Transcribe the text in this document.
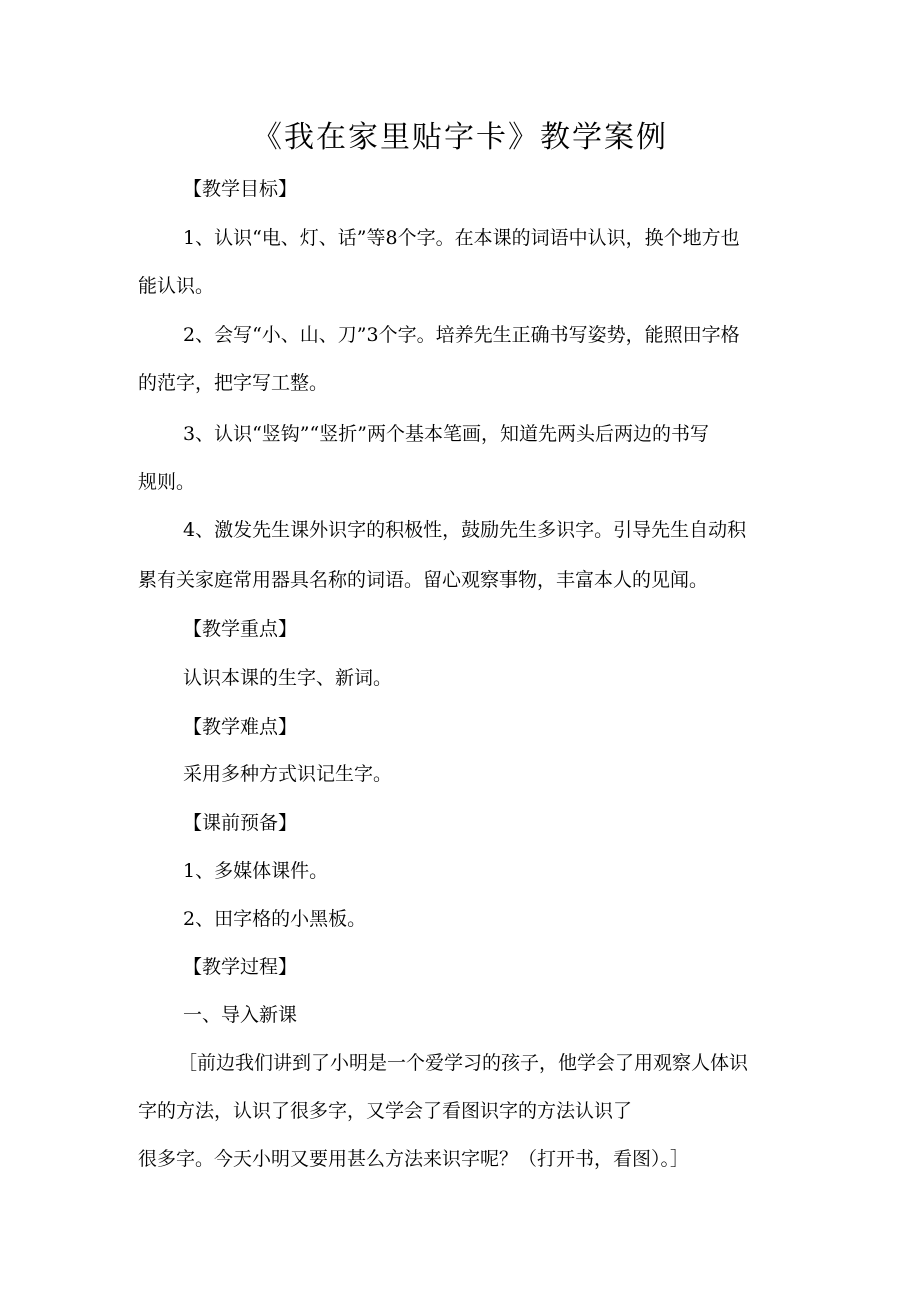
《我在家里贴字卡》教学案例
【教学目标】
1、认识“电、灯、话”等8个字。在本课的词语中认识，换个地方也
能认识。
2、会写“小、山、刀”3个字。培养先生正确书写姿势，能照田字格
的范字，把字写工整。
3、认识“竖钩”“竖折”两个基本笔画，知道先两头后两边的书写
规则。
4、激发先生课外识字的积极性，鼓励先生多识字。引导先生自动积
累有关家庭常用器具名称的词语。留心观察事物，丰富本人的见闻。
【教学重点】
认识本课的生字、新词。
【教学难点】
采用多种方式识记生字。
【课前预备】
1、多媒体课件。
2、田字格的小黑板。
【教学过程】
一、导入新课
［前边我们讲到了小明是一个爱学习的孩子，他学会了用观察人体识
字的方法，认识了很多字，又学会了看图识字的方法认识了
很多字。今天小明又要用甚么方法来识字呢？（打开书，看图）。］
